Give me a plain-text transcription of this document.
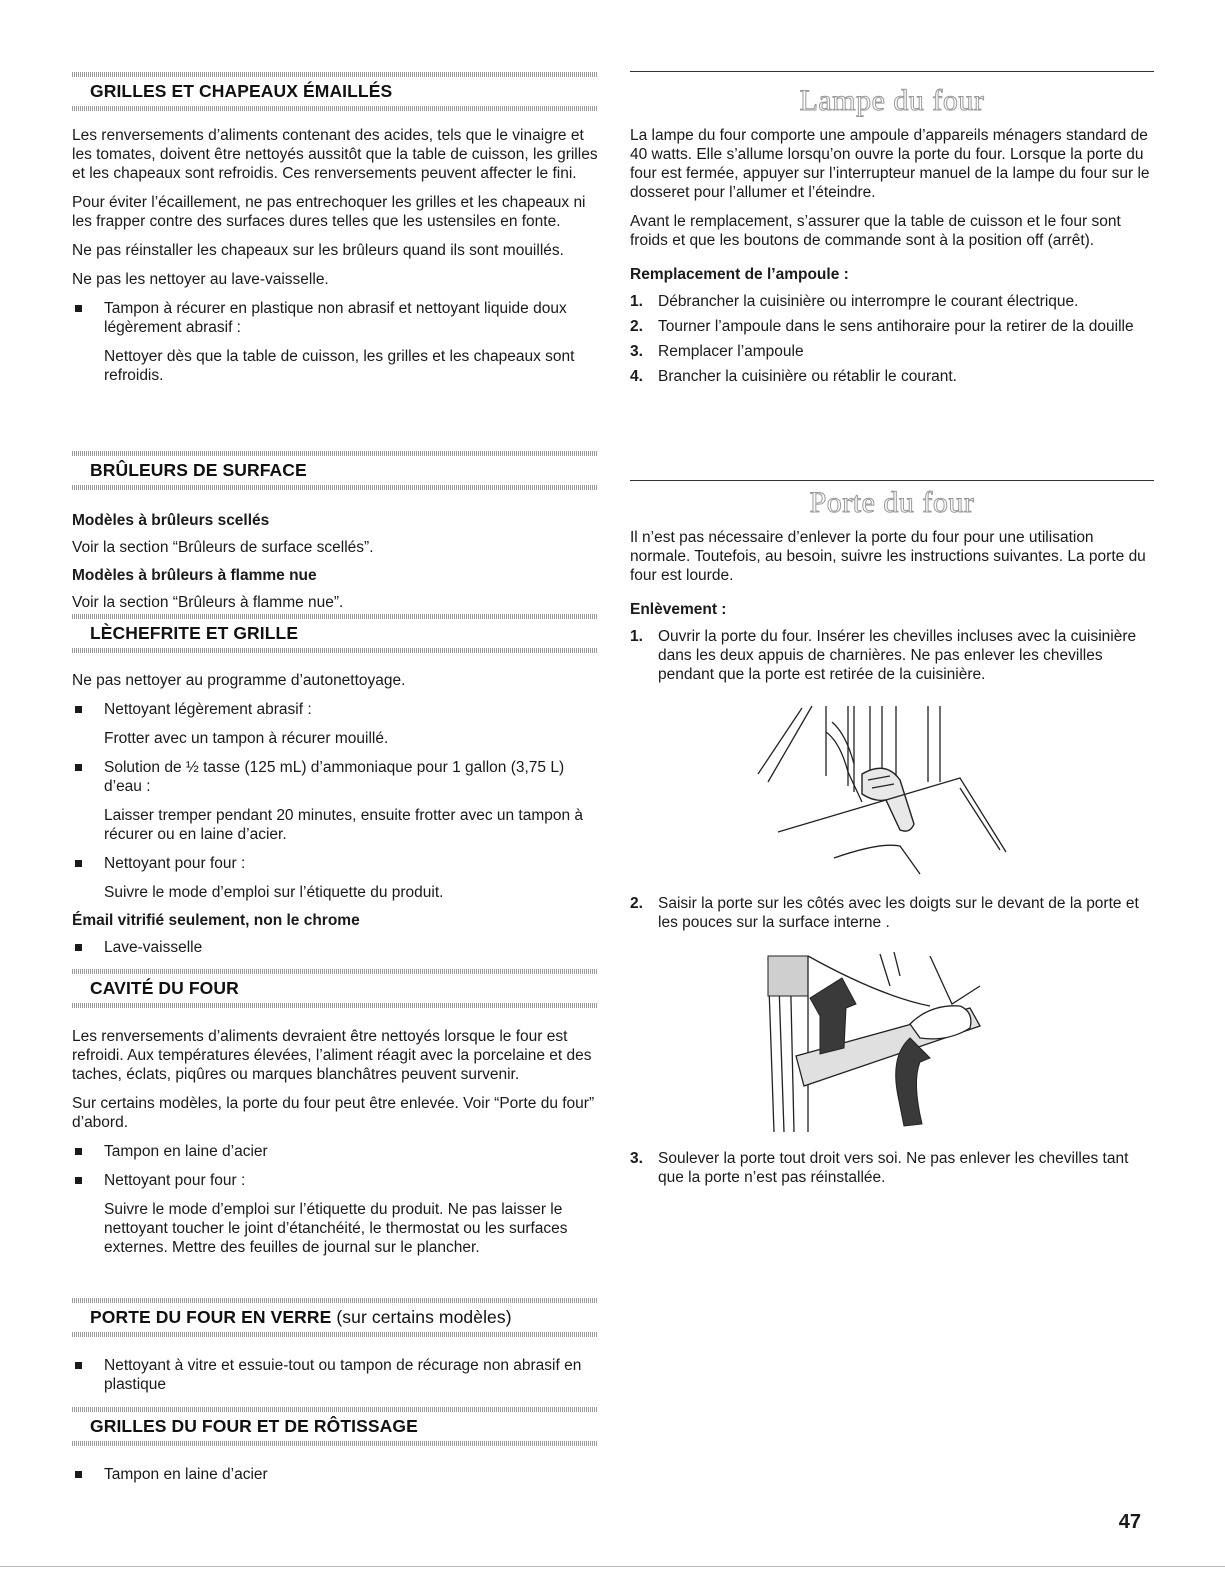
GRILLES ET CHAPEAUX ÉMAILLÉS

Les renversements d’aliments contenant des acides, tels que le vinaigre et les tomates, doivent être nettoyés aussitôt que la table de cuisson, les grilles et les chapeaux sont refroidis. Ces renversements peuvent affecter le fini.

Pour éviter l’écaillement, ne pas entrechoquer les grilles et les chapeaux ni les frapper contre des surfaces dures telles que les ustensiles en fonte.

Ne pas réinstaller les chapeaux sur les brûleurs quand ils sont mouillés.

Ne pas les nettoyer au lave-vaisselle.

Tampon à récurer en plastique non abrasif et nettoyant liquide doux légèrement abrasif :
Nettoyer dès que la table de cuisson, les grilles et les chapeaux sont refroidis.
BRÛLEURS DE SURFACE
Modèles à brûleurs scellés

Voir la section “Brûleurs de surface scellés”.

Modèles à brûleurs à flamme nue

Voir la section “Brûleurs à flamme nue”.

LÈCHEFRITE ET GRILLE

Ne pas nettoyer au programme d’autonettoyage.

Nettoyant légèrement abrasif :
Frotter avec un tampon à récurer mouillé.
Solution de ½ tasse (125 mL) d’ammoniaque pour 1 gallon (3,75 L) d’eau :
Laisser tremper pendant 20 minutes, ensuite frotter avec un tampon à récurer ou en laine d’acier.
Nettoyant pour four :
Suivre le mode d’emploi sur l’étiquette du produit.
Émail vitrifié seulement, non le chrome
Lave-vaisselle
CAVITÉ DU FOUR

Les renversements d’aliments devraient être nettoyés lorsque le four est refroidi. Aux températures élevées, l’aliment réagit avec la porcelaine et des taches, éclats, piqûres ou marques blanchâtres peuvent survenir.

Sur certains modèles, la porte du four peut être enlevée. Voir “Porte du four” d’abord.

Tampon en laine d’acier
Nettoyant pour four :
Suivre le mode d’emploi sur l’étiquette du produit. Ne pas laisser le nettoyant toucher le joint d’étanchéité, le thermostat ou les surfaces externes. Mettre des feuilles de journal sur le plancher.
PORTE DU FOUR EN VERRE (sur certains modèles)
Nettoyant à vitre et essuie-tout ou tampon de récurage non abrasif en plastique
GRILLES DU FOUR ET DE RÔTISSAGE
Tampon en laine d’acier
Lampe du four

La lampe du four comporte une ampoule d’appareils ménagers standard de 40 watts. Elle s’allume lorsqu’on ouvre la porte du four. Lorsque la porte du four est fermée, appuyer sur l’interrupteur manuel de la lampe du four sur le dosseret pour l’allumer et l’éteindre.

Avant le remplacement, s’assurer que la table de cuisson et le four sont froids et que les boutons de commande sont à la position off (arrêt).

Remplacement de l’ampoule :
1. Débrancher la cuisinière ou interrompre le courant électrique.
2. Tourner l’ampoule dans le sens antihoraire pour la retirer de la douille
3. Remplacer l’ampoule
4. Brancher la cuisinière ou rétablir le courant.
Porte du four

Il n’est pas nécessaire d’enlever la porte du four pour une utilisation normale. Toutefois, au besoin, suivre les instructions suivantes. La porte du four est lourde.

Enlèvement :
1. Ouvrir la porte du four. Insérer les chevilles incluses avec la cuisinière dans les deux appuis de charnières. Ne pas enlever les chevilles pendant que la porte est retirée de la cuisinière.
2. Saisir la porte sur les côtés avec les doigts sur le devant de la porte et les pouces sur la surface interne .
3. Soulever la porte tout droit vers soi. Ne pas enlever les chevilles tant que la porte n’est pas réinstallée.
47
